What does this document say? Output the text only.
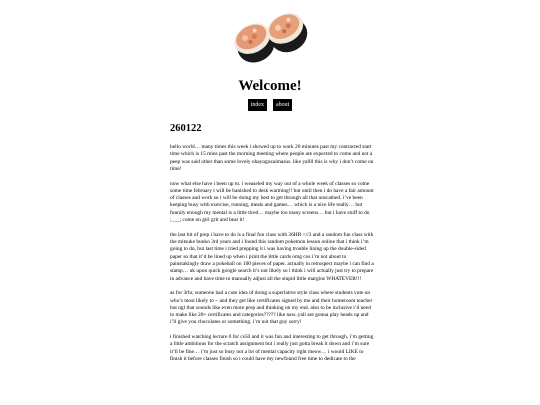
Welcome!
index	about
260122

hello world… many times this week i showed up to work 20 minutes past my contracted start time which is 15 mins past the morning meeting where people are expected to come and not a peep was said other than some lovely ohayogozaimasus. like yallll this is why i don’t come on time!

now what else have i been up to. i weaseled my way out of a whole week of classes so come some time february i will be banished to desk warming!! but until then i do have a fair amount of classes and work so i will be doing my best to get through all that unscathed. i’ve been keeping busy with exercise, running, meals and games… which is a nice life really… but funnily enough my mental is a little tired… maybe too many screens… but i have stuff to do ;___; come on girl grit and bear it!

the last bit of prep i have to do is a final fun class with 36HR <//3 and a random fun class with the mitsuke bunko 3rd years and i found this random pokemon lesson online that i think i’m going to do, but last time i tried prepping it i was having trouble lining up the double-sided paper so that it’d be lined up when i print the little cards omg cos i’m not about to painstakingly draw a pokeball on 100 pieces of paper. actually in retrospect maybe i can find a stamp… uk upon quick google search it’s not likely so i think i will actually just try to prepare in advance and have time to manually adjust all the stupid little margins WHATEVER!!!

as for 3rhr, someone had a cute idea of doing a superlative style class where students vote on who’s most likely to ~ and they get like certificates signed by me and their homeroom teacher but ngl that sounds like even more prep and thinking on my end. also to be inclusive i’d need to make like 20+ certificates and categories????? like naw..yall are gonna play heads up and i’ll give you chocolates or something. i’m not that guy sorry!

i finished watching lecture 0 for cs50 and it was fun and interesting to get through, i’m getting a little ambitious for the scratch assignment but i really just gotta break it down and i’m sure it’ll be fine… i’m just so busy not a lot of mental capacity right meow… i would LIKE to finish it before classes finish so i could have my newfound free time to dedicate to the
